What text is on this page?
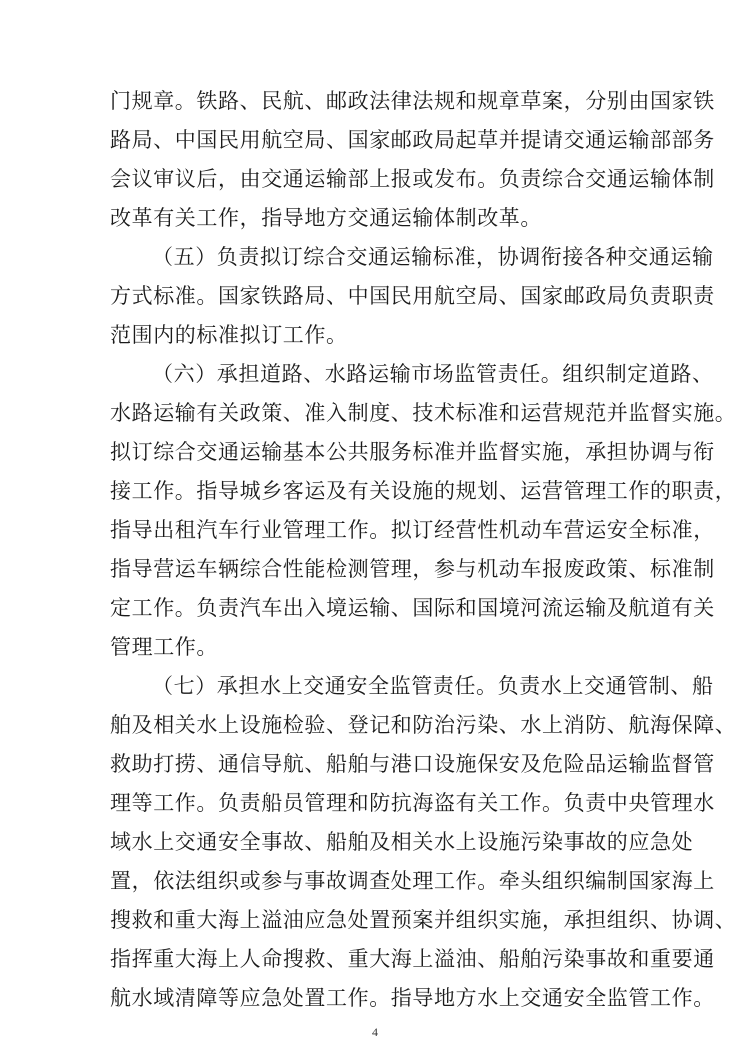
门规章。铁路、民航、邮政法律法规和规章草案，分别由国家铁
路局、中国民用航空局、国家邮政局起草并提请交通运输部部务
会议审议后，由交通运输部上报或发布。负责综合交通运输体制
改革有关工作，指导地方交通运输体制改革。
（五）负责拟订综合交通运输标准，协调衔接各种交通运输
方式标准。国家铁路局、中国民用航空局、国家邮政局负责职责
范围内的标准拟订工作。
（六）承担道路、水路运输市场监管责任。组织制定道路、
水路运输有关政策、准入制度、技术标准和运营规范并监督实施。
拟订综合交通运输基本公共服务标准并监督实施，承担协调与衔
接工作。指导城乡客运及有关设施的规划、运营管理工作的职责，
指导出租汽车行业管理工作。拟订经营性机动车营运安全标准，
指导营运车辆综合性能检测管理，参与机动车报废政策、标准制
定工作。负责汽车出入境运输、国际和国境河流运输及航道有关
管理工作。
（七）承担水上交通安全监管责任。负责水上交通管制、船
舶及相关水上设施检验、登记和防治污染、水上消防、航海保障、
救助打捞、通信导航、船舶与港口设施保安及危险品运输监督管
理等工作。负责船员管理和防抗海盗有关工作。负责中央管理水
域水上交通安全事故、船舶及相关水上设施污染事故的应急处
置，依法组织或参与事故调查处理工作。牵头组织编制国家海上
搜救和重大海上溢油应急处置预案并组织实施，承担组织、协调、
指挥重大海上人命搜救、重大海上溢油、船舶污染事故和重要通
航水域清障等应急处置工作。指导地方水上交通安全监管工作。
4
